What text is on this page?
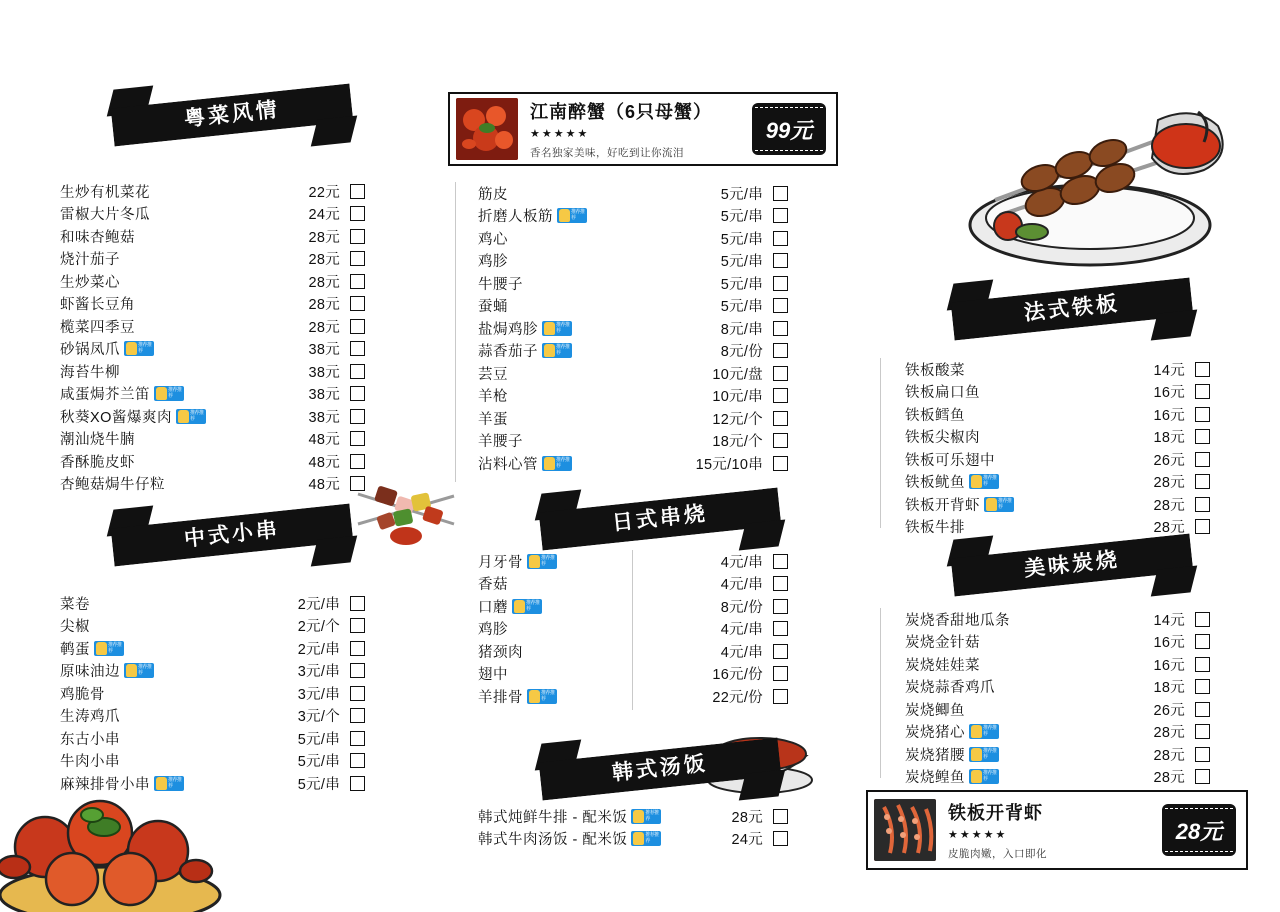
粤菜风情
生炒有机菜花	22元
雷椒大片冬瓜	24元
和味杏鲍菇	28元
烧汁茄子	28元
生炒菜心	28元
虾酱长豆角	28元
榄菜四季豆	28元
砂锅凤爪 推荐推荐	38元
海苔牛柳	38元
咸蛋焗芥兰笛 推荐推荐	38元
秋葵XO酱爆爽肉 推荐推荐	38元
潮汕烧牛腩	48元
香酥脆皮虾	48元
杏鲍菇焗牛仔粒	48元
中式小串
菜卷	2元/串
尖椒	2元/个
鹌蛋 推荐推荐	2元/串
原味油边 推荐推荐	3元/串
鸡脆骨	3元/串
生涛鸡爪	3元/个
东古小串	5元/串
牛肉小串	5元/串
麻辣排骨小串 推荐推荐	5元/串
江南醉蟹（6只母蟹）
★★★★★
香名独家美味，好吃到让你流泪
99元
筋皮	5元/串
折磨人板筋 推荐推荐	5元/串
鸡心	5元/串
鸡胗	5元/串
牛腰子	5元/串
蚕蛹	5元/串
盐焗鸡胗 推荐推荐	8元/串
蒜香茄子 推荐推荐	8元/份
芸豆	10元/盘
羊枪	10元/串
羊蛋	12元/个
羊腰子	18元/个
沾料心管 推荐推荐	15元/10串
日式串烧
月牙骨 推荐推荐	4元/串
香菇	4元/串
口蘑 推荐推荐	8元/份
鸡胗	4元/串
猪颈肉	4元/串
翅中	16元/份
羊排骨 推荐推荐	22元/份
韩式汤饭
韩式炖鲜牛排 - 配米饭 推荐推荐	28元
韩式牛肉汤饭 - 配米饭 推荐推荐	24元
法式铁板
铁板酸菜	14元
铁板扁口鱼	16元
铁板鳕鱼	16元
铁板尖椒肉	18元
铁板可乐翅中	26元
铁板鱿鱼 推荐推荐	28元
铁板开背虾 推荐推荐	28元
铁板牛排	28元
美味炭烧
炭烧香甜地瓜条	14元
炭烧金针菇	16元
炭烧娃娃菜	16元
炭烧蒜香鸡爪	18元
炭烧鲫鱼	26元
炭烧猪心 推荐推荐	28元
炭烧猪腰 推荐推荐	28元
炭烧鳇鱼 推荐推荐	28元
铁板开背虾
★★★★★
皮脆肉嫩，入口即化
28元
